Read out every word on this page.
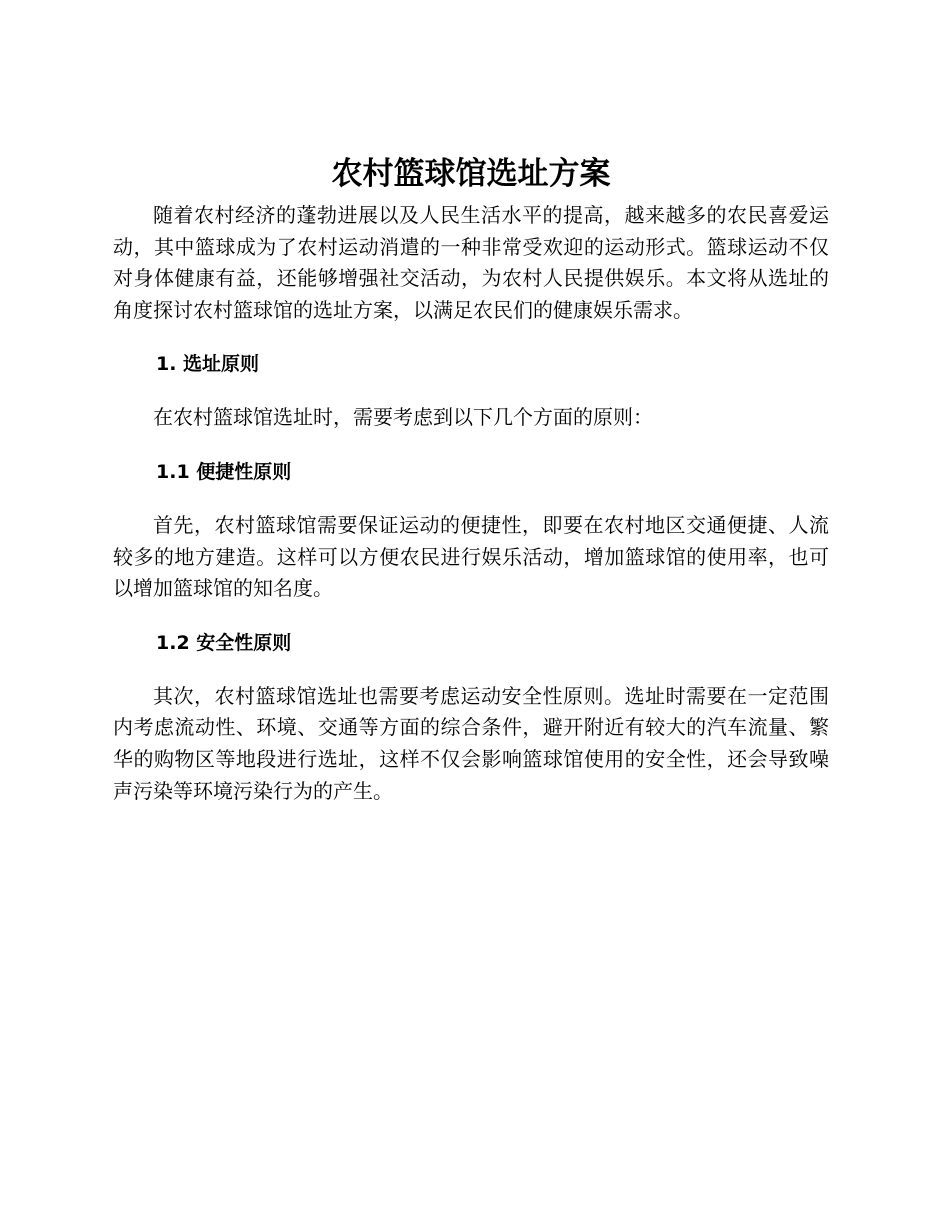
农村篮球馆选址方案

随着农村经济的蓬勃进展以及人民生活水平的提高，越来越多的农民喜爱运动，其中篮球成为了农村运动消遣的一种非常受欢迎的运动形式。篮球运动不仅对身体健康有益，还能够增强社交活动，为农村人民提供娱乐。本文将从选址的角度探讨农村篮球馆的选址方案，以满足农民们的健康娱乐需求。

1. 选址原则

在农村篮球馆选址时，需要考虑到以下几个方面的原则：

1.1 便捷性原则

首先，农村篮球馆需要保证运动的便捷性，即要在农村地区交通便捷、人流较多的地方建造。这样可以方便农民进行娱乐活动，增加篮球馆的使用率，也可以增加篮球馆的知名度。

1.2 安全性原则

其次，农村篮球馆选址也需要考虑运动安全性原则。选址时需要在一定范围内考虑流动性、环境、交通等方面的综合条件，避开附近有较大的汽车流量、繁华的购物区等地段进行选址，这样不仅会影响篮球馆使用的安全性，还会导致噪声污染等环境污染行为的产生。
